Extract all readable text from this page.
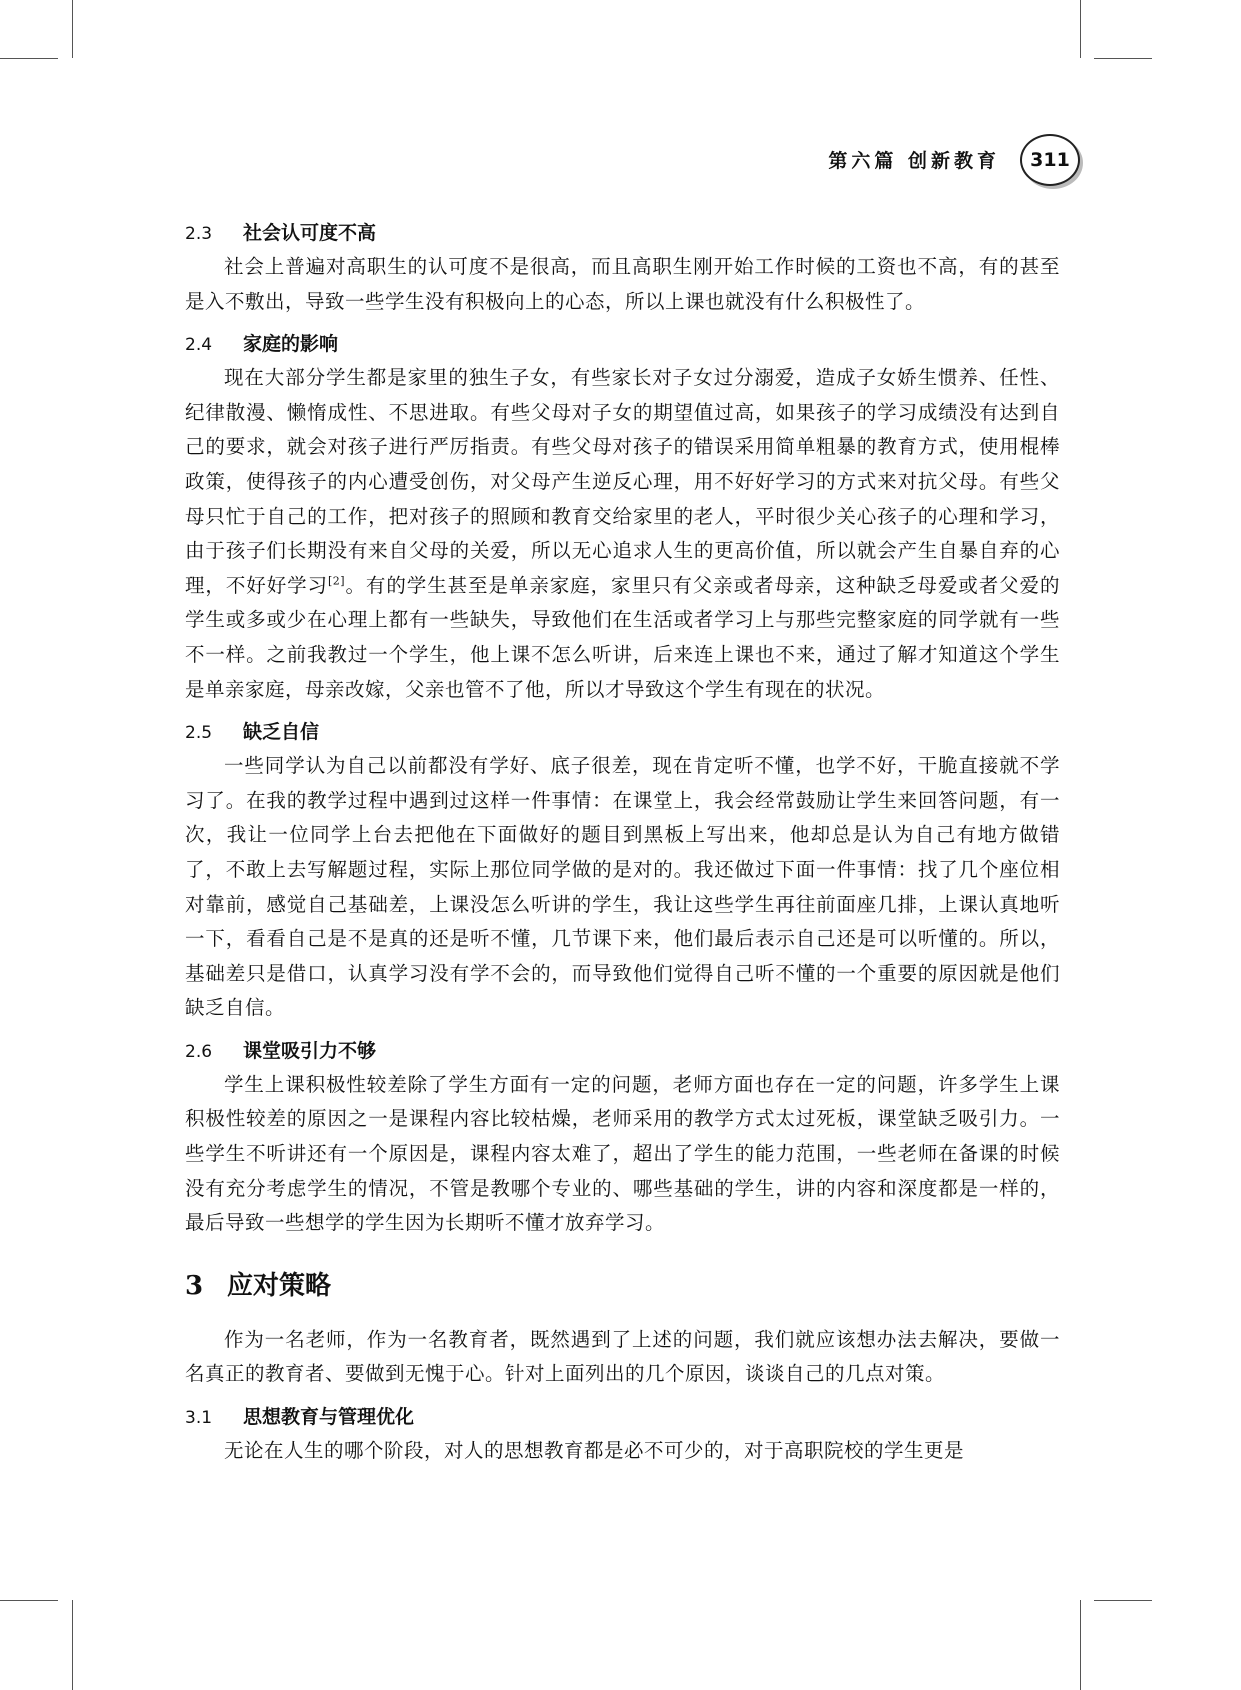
第六篇 创新教育	311
2.3 社会认可度不高

社会上普遍对高职生的认可度不是很高，而且高职生刚开始工作时候的工资也不高，有的甚至是入不敷出，导致一些学生没有积极向上的心态，所以上课也就没有什么积极性了。

2.4 家庭的影响

现在大部分学生都是家里的独生子女，有些家长对子女过分溺爱，造成子女娇生惯养、任性、纪律散漫、懒惰成性、不思进取。有些父母对子女的期望值过高，如果孩子的学习成绩没有达到自己的要求，就会对孩子进行严厉指责。有些父母对孩子的错误采用简单粗暴的教育方式，使用棍棒政策，使得孩子的内心遭受创伤，对父母产生逆反心理，用不好好学习的方式来对抗父母。有些父母只忙于自己的工作，把对孩子的照顾和教育交给家里的老人，平时很少关心孩子的心理和学习，由于孩子们长期没有来自父母的关爱，所以无心追求人生的更高价值，所以就会产生自暴自弃的心理，不好好学习[2]。有的学生甚至是单亲家庭，家里只有父亲或者母亲，这种缺乏母爱或者父爱的学生或多或少在心理上都有一些缺失，导致他们在生活或者学习上与那些完整家庭的同学就有一些不一样。之前我教过一个学生，他上课不怎么听讲，后来连上课也不来，通过了解才知道这个学生是单亲家庭，母亲改嫁，父亲也管不了他，所以才导致这个学生有现在的状况。

2.5 缺乏自信

一些同学认为自己以前都没有学好、底子很差，现在肯定听不懂，也学不好，干脆直接就不学习了。在我的教学过程中遇到过这样一件事情：在课堂上，我会经常鼓励让学生来回答问题，有一次，我让一位同学上台去把他在下面做好的题目到黑板上写出来，他却总是认为自己有地方做错了，不敢上去写解题过程，实际上那位同学做的是对的。我还做过下面一件事情：找了几个座位相对靠前，感觉自己基础差，上课没怎么听讲的学生，我让这些学生再往前面座几排，上课认真地听一下，看看自己是不是真的还是听不懂，几节课下来，他们最后表示自己还是可以听懂的。所以，基础差只是借口，认真学习没有学不会的，而导致他们觉得自己听不懂的一个重要的原因就是他们缺乏自信。

2.6 课堂吸引力不够

学生上课积极性较差除了学生方面有一定的问题，老师方面也存在一定的问题，许多学生上课积极性较差的原因之一是课程内容比较枯燥，老师采用的教学方式太过死板，课堂缺乏吸引力。一些学生不听讲还有一个原因是，课程内容太难了，超出了学生的能力范围，一些老师在备课的时候没有充分考虑学生的情况，不管是教哪个专业的、哪些基础的学生，讲的内容和深度都是一样的，最后导致一些想学的学生因为长期听不懂才放弃学习。

3 应对策略

作为一名老师，作为一名教育者，既然遇到了上述的问题，我们就应该想办法去解决，要做一名真正的教育者、要做到无愧于心。针对上面列出的几个原因，谈谈自己的几点对策。

3.1 思想教育与管理优化

无论在人生的哪个阶段，对人的思想教育都是必不可少的，对于高职院校的学生更是
